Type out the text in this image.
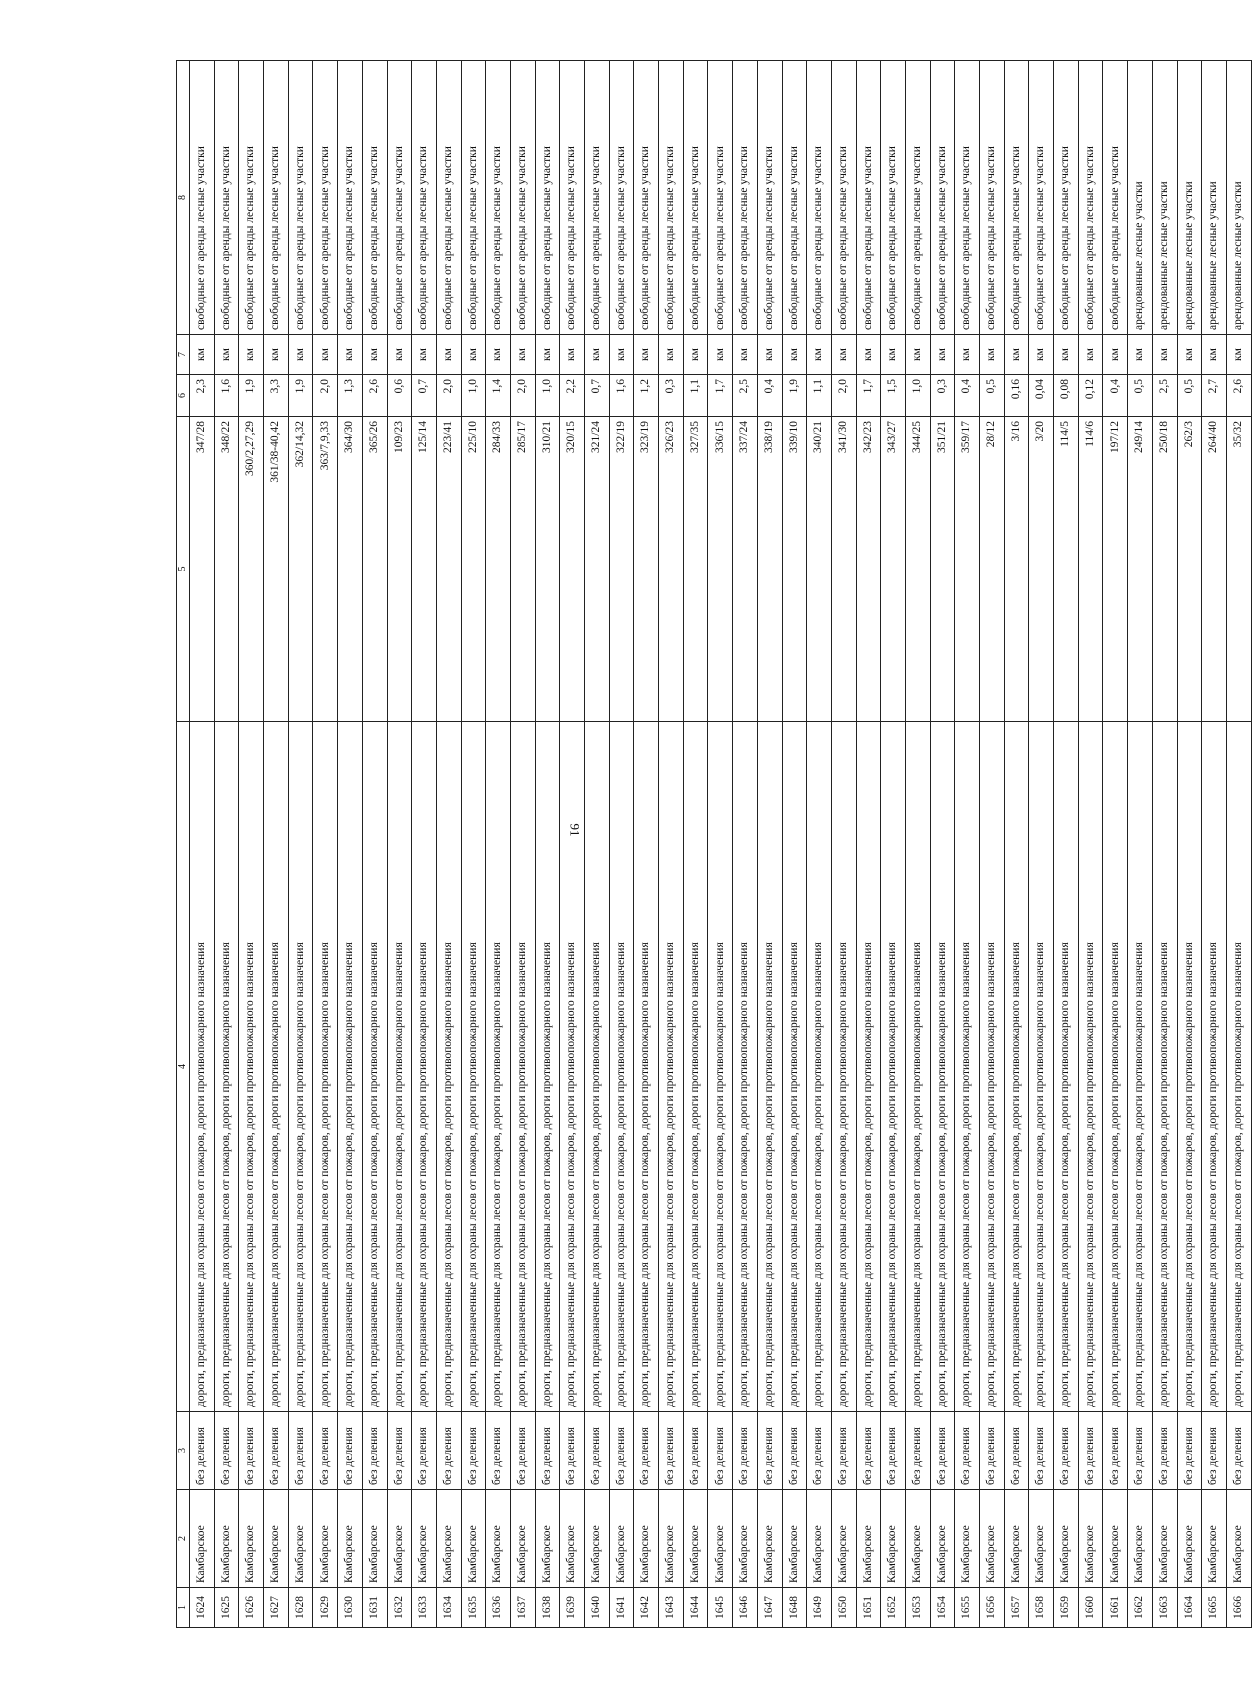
91
1	2	3	4	5	6	7	8
1624	Камбарское	без деления	дороги, предназначенные для охраны лесов от пожаров, дороги противопожарного назначения	347/28	2,3	км	свободные от аренды лесные участки
1625	Камбарское	без деления	дороги, предназначенные для охраны лесов от пожаров, дороги противопожарного назначения	348/22	1,6	км	свободные от аренды лесные участки
1626	Камбарское	без деления	дороги, предназначенные для охраны лесов от пожаров, дороги противопожарного назначения	360/2,27,29	1,9	км	свободные от аренды лесные участки
1627	Камбарское	без деления	дороги, предназначенные для охраны лесов от пожаров, дороги противопожарного назначения	361/38-40,42	3,3	км	свободные от аренды лесные участки
1628	Камбарское	без деления	дороги, предназначенные для охраны лесов от пожаров, дороги противопожарного назначения	362/14,32	1,9	км	свободные от аренды лесные участки
1629	Камбарское	без деления	дороги, предназначенные для охраны лесов от пожаров, дороги противопожарного назначения	363/7,9,33	2,0	км	свободные от аренды лесные участки
1630	Камбарское	без деления	дороги, предназначенные для охраны лесов от пожаров, дороги противопожарного назначения	364/30	1,3	км	свободные от аренды лесные участки
1631	Камбарское	без деления	дороги, предназначенные для охраны лесов от пожаров, дороги противопожарного назначения	365/26	2,6	км	свободные от аренды лесные участки
1632	Камбарское	без деления	дороги, предназначенные для охраны лесов от пожаров, дороги противопожарного назначения	109/23	0,6	км	свободные от аренды лесные участки
1633	Камбарское	без деления	дороги, предназначенные для охраны лесов от пожаров, дороги противопожарного назначения	125/14	0,7	км	свободные от аренды лесные участки
1634	Камбарское	без деления	дороги, предназначенные для охраны лесов от пожаров, дороги противопожарного назначения	223/41	2,0	км	свободные от аренды лесные участки
1635	Камбарское	без деления	дороги, предназначенные для охраны лесов от пожаров, дороги противопожарного назначения	225/10	1,0	км	свободные от аренды лесные участки
1636	Камбарское	без деления	дороги, предназначенные для охраны лесов от пожаров, дороги противопожарного назначения	284/33	1,4	км	свободные от аренды лесные участки
1637	Камбарское	без деления	дороги, предназначенные для охраны лесов от пожаров, дороги противопожарного назначения	285/17	2,0	км	свободные от аренды лесные участки
1638	Камбарское	без деления	дороги, предназначенные для охраны лесов от пожаров, дороги противопожарного назначения	310/21	1,0	км	свободные от аренды лесные участки
1639	Камбарское	без деления	дороги, предназначенные для охраны лесов от пожаров, дороги противопожарного назначения	320/15	2,2	км	свободные от аренды лесные участки
1640	Камбарское	без деления	дороги, предназначенные для охраны лесов от пожаров, дороги противопожарного назначения	321/24	0,7	км	свободные от аренды лесные участки
1641	Камбарское	без деления	дороги, предназначенные для охраны лесов от пожаров, дороги противопожарного назначения	322/19	1,6	км	свободные от аренды лесные участки
1642	Камбарское	без деления	дороги, предназначенные для охраны лесов от пожаров, дороги противопожарного назначения	323/19	1,2	км	свободные от аренды лесные участки
1643	Камбарское	без деления	дороги, предназначенные для охраны лесов от пожаров, дороги противопожарного назначения	326/23	0,3	км	свободные от аренды лесные участки
1644	Камбарское	без деления	дороги, предназначенные для охраны лесов от пожаров, дороги противопожарного назначения	327/35	1,1	км	свободные от аренды лесные участки
1645	Камбарское	без деления	дороги, предназначенные для охраны лесов от пожаров, дороги противопожарного назначения	336/15	1,7	км	свободные от аренды лесные участки
1646	Камбарское	без деления	дороги, предназначенные для охраны лесов от пожаров, дороги противопожарного назначения	337/24	2,5	км	свободные от аренды лесные участки
1647	Камбарское	без деления	дороги, предназначенные для охраны лесов от пожаров, дороги противопожарного назначения	338/19	0,4	км	свободные от аренды лесные участки
1648	Камбарское	без деления	дороги, предназначенные для охраны лесов от пожаров, дороги противопожарного назначения	339/10	1,9	км	свободные от аренды лесные участки
1649	Камбарское	без деления	дороги, предназначенные для охраны лесов от пожаров, дороги противопожарного назначения	340/21	1,1	км	свободные от аренды лесные участки
1650	Камбарское	без деления	дороги, предназначенные для охраны лесов от пожаров, дороги противопожарного назначения	341/30	2,0	км	свободные от аренды лесные участки
1651	Камбарское	без деления	дороги, предназначенные для охраны лесов от пожаров, дороги противопожарного назначения	342/23	1,7	км	свободные от аренды лесные участки
1652	Камбарское	без деления	дороги, предназначенные для охраны лесов от пожаров, дороги противопожарного назначения	343/27	1,5	км	свободные от аренды лесные участки
1653	Камбарское	без деления	дороги, предназначенные для охраны лесов от пожаров, дороги противопожарного назначения	344/25	1,0	км	свободные от аренды лесные участки
1654	Камбарское	без деления	дороги, предназначенные для охраны лесов от пожаров, дороги противопожарного назначения	351/21	0,3	км	свободные от аренды лесные участки
1655	Камбарское	без деления	дороги, предназначенные для охраны лесов от пожаров, дороги противопожарного назначения	359/17	0,4	км	свободные от аренды лесные участки
1656	Камбарское	без деления	дороги, предназначенные для охраны лесов от пожаров, дороги противопожарного назначения	28/12	0,5	км	свободные от аренды лесные участки
1657	Камбарское	без деления	дороги, предназначенные для охраны лесов от пожаров, дороги противопожарного назначения	3/16	0,16	км	свободные от аренды лесные участки
1658	Камбарское	без деления	дороги, предназначенные для охраны лесов от пожаров, дороги противопожарного назначения	3/20	0,04	км	свободные от аренды лесные участки
1659	Камбарское	без деления	дороги, предназначенные для охраны лесов от пожаров, дороги противопожарного назначения	114/5	0,08	км	свободные от аренды лесные участки
1660	Камбарское	без деления	дороги, предназначенные для охраны лесов от пожаров, дороги противопожарного назначения	114/6	0,12	км	свободные от аренды лесные участки
1661	Камбарское	без деления	дороги, предназначенные для охраны лесов от пожаров, дороги противопожарного назначения	197/12	0,4	км	свободные от аренды лесные участки
1662	Камбарское	без деления	дороги, предназначенные для охраны лесов от пожаров, дороги противопожарного назначения	249/14	0,5	км	арендованные лесные участки
1663	Камбарское	без деления	дороги, предназначенные для охраны лесов от пожаров, дороги противопожарного назначения	250/18	2,5	км	арендованные лесные участки
1664	Камбарское	без деления	дороги, предназначенные для охраны лесов от пожаров, дороги противопожарного назначения	262/3	0,5	км	арендованные лесные участки
1665	Камбарское	без деления	дороги, предназначенные для охраны лесов от пожаров, дороги противопожарного назначения	264/40	2,7	км	арендованные лесные участки
1666	Камбарское	без деления	дороги, предназначенные для охраны лесов от пожаров, дороги противопожарного назначения	35/32	2,6	км	арендованные лесные участки
